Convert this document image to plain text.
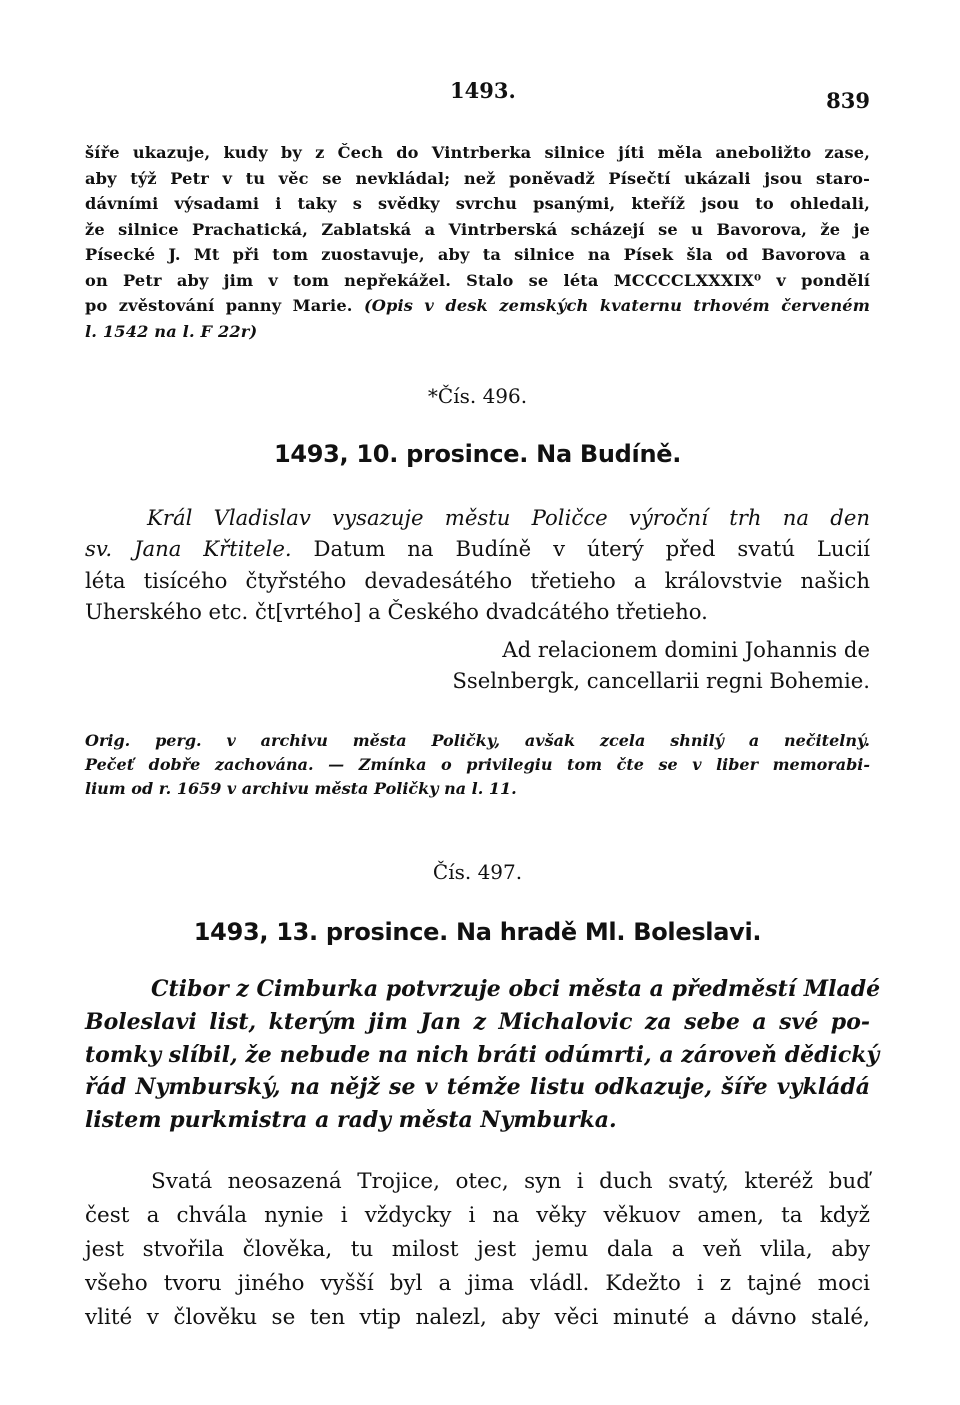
1493.	839
šíře ukazuje, kudy by z Čech do Vintrberka silnice jíti měla aneboližto zase,
aby týž Petr v tu věc se nevkládal; než poněvadž Písečtí ukázali jsou staro-
dávními výsadami i taky s svědky svrchu psanými, kteříž jsou to ohledali,
že silnice Prachatická, Zablatská a Vintrberská scházejí se u Bavorova, že je
Písecké J. Mt při tom zuostavuje, aby ta silnice na Písek šla od Bavorova a
on Petr aby jim v tom nepřekážel. Stalo se léta MCCCCLXXXIX⁰ v pondělí
po zvěstování panny Marie. (Opis v desk zemských kvaternu trhovém červeném
l. 1542 na l. F 22r)
*Čís. 496.
1493, 10. prosince. Na Budíně.
Král Vladislav vysazuje městu Poličce výroční trh na den
sv. Jana Křtitele. Datum na Budíně v úterý před svatú Lucií
léta tisícého čtyřstého devadesátého třetieho a královstvie našich
Uherského etc. čt[vrtého] a Českého dvadcátého třetieho.
Ad relacionem domini Johannis de
Sselnbergk, cancellarii regni Bohemie.
Orig. perg. v archivu města Poličky, avšak zcela shnilý a nečitelný.
Pečeť dobře zachována. — Zmínka o privilegiu tom čte se v liber memorabi-
lium od r. 1659 v archivu města Poličky na l. 11.
Čís. 497.
1493, 13. prosince. Na hradě Ml. Boleslavi.
Ctibor z Cimburka potvrzuje obci města a předměstí Mladé
Boleslavi list, kterým jim Jan z Michalovic za sebe a své po-
tomky slíbil, že nebude na nich bráti odúmrti, a zároveň dědický
řád Nymburský, na nějž se v témže listu odkazuje, šíře vykládá
listem purkmistra a rady města Nymburka.
Svatá neosazená Trojice, otec, syn i duch svatý, kteréž buď
čest a chvála nynie i vždycky i na věky věkuov amen, ta když
jest stvořila člověka, tu milost jest jemu dala a veň vlila, aby
všeho tvoru jiného vyšší byl a jima vládl. Kdežto i z tajné moci
vlité v člověku se ten vtip nalezl, aby věci minuté a dávno stalé,
